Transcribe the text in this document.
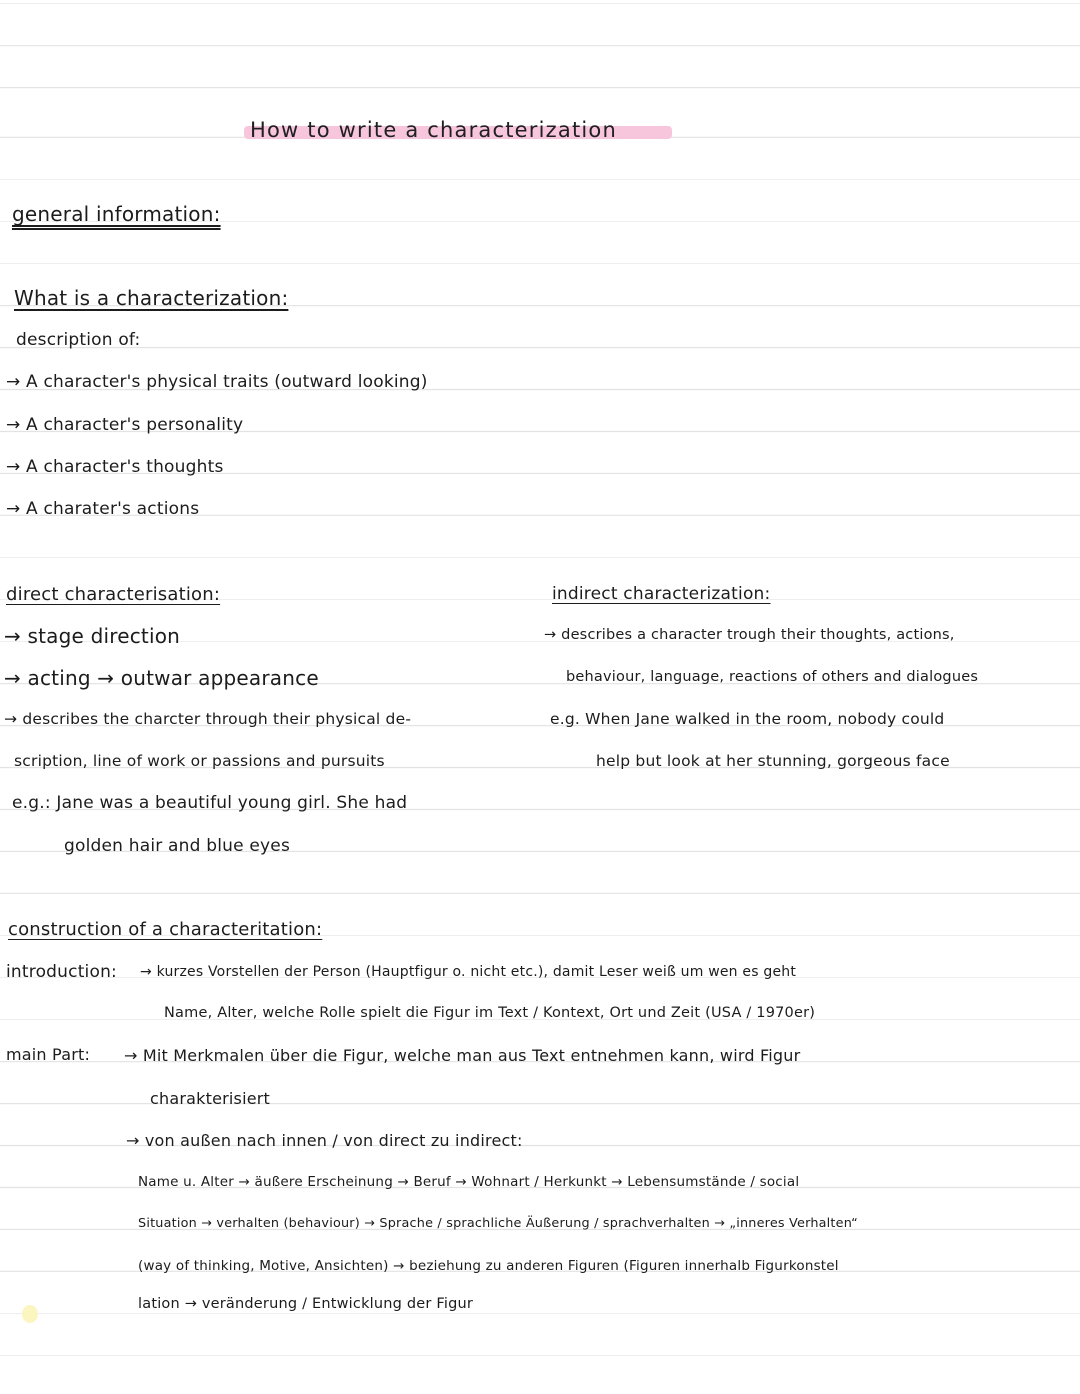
How to write a characterization
general information:
What is a characterization:
description of:
→ A character's physical traits (outward looking)
→ A character's personality
→ A character's thoughts
→ A charater's actions
direct characterisation:
→ stage direction
→ acting → outwar appearance
→ describes the charcter through their physical de-
scription, line of work or passions and pursuits
e.g.: Jane was a beautiful young girl. She had
golden hair and blue eyes
indirect characterization:
→ describes a character trough their thoughts, actions,
behaviour, language, reactions of others and dialogues
e.g. When Jane walked in the room, nobody could
help but look at her stunning, gorgeous face
construction of a characteritation:
introduction: → kurzes Vorstellen der Person (Hauptfigur o. nicht etc.), damit Leser weiß um wen es geht
Name, Alter, welche Rolle spielt die Figur im Text / Kontext, Ort und Zeit (USA / 1970er)
main Part: → Mit Merkmalen über die Figur, welche man aus Text entnehmen kann, wird Figur
charakterisiert
→ von außen nach innen / von direct zu indirect:
Name u. Alter → äußere Erscheinung → Beruf → Wohnart / Herkunkt → Lebensumstände / social
Situation → verhalten (behaviour) → Sprache / sprachliche Äußerung / sprachverhalten → „inneres Verhalten“
(way of thinking, Motive, Ansichten) → beziehung zu anderen Figuren (Figuren innerhalb Figurkonstel
lation → veränderung / Entwicklung der Figur
